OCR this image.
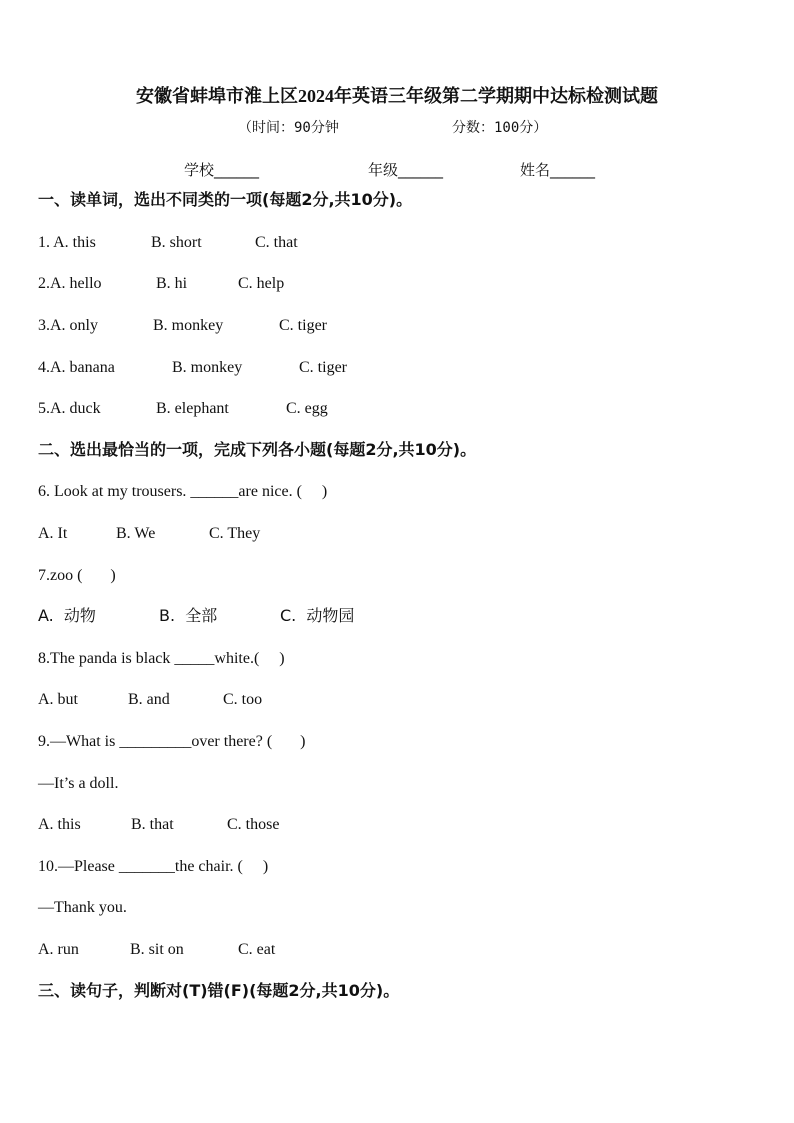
安徽省蚌埠市淮上区2024年英语三年级第二学期期中达标检测试题
（时间：90分钟	分数：100分）
学校______	年级______	姓名______
一、读单词，选出不同类的一项(每题2分,共10分)。
1. A. this	B. short	C. that
2.A. hello	B. hi	C. help
3.A. only	B. monkey	C. tiger
4.A. banana	B. monkey	C. tiger
5.A. duck	B. elephant	C. egg
二、选出最恰当的一项，完成下列各小题(每题2分,共10分)。
6. Look at my trousers. ______are nice. (     )
A. It	B. We	C. They
7.zoo (       )
A.  动物	B.  全部	C.  动物园
8.The panda is black _____white.(     )
A. but	B. and	C. too
9.—What is _________over there? (       )
—It’s a doll.
A. this	B. that	C. those
10.—Please _______the chair. (     )
—Thank you.
A. run	B. sit on	C. eat
三、读句子，判断对(T)错(F)(每题2分,共10分)。
